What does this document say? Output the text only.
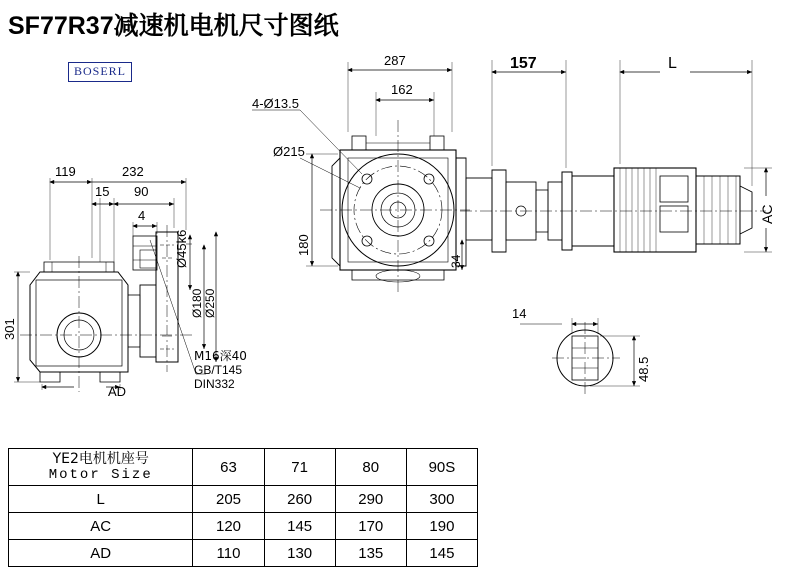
SF77R37减速机电机尺寸图纸
BOSERL
119	232
15 90
4
301
AD
Ø45k6
Ø180 Ø250
M16深40
GB/T145
DIN332
287
162
157	L
4-Ø13.5
Ø215
180
34
AC
14
48.5
YE2电机机座号
Motor Size	63	71	80	90S
L	205	260	290	300
AC	120	145	170	190
AD	110	130	135	145
